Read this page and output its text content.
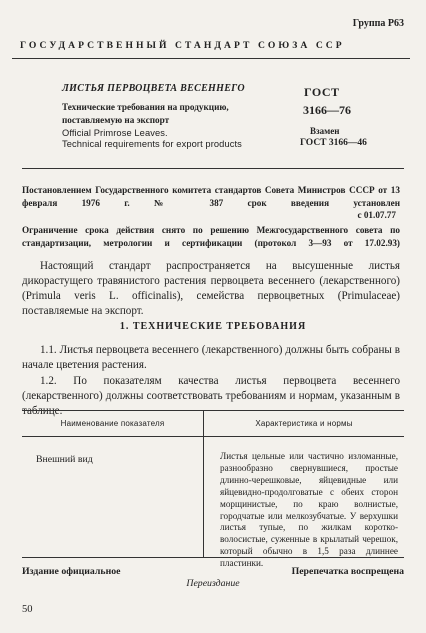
Группа Р63
ГОСУДАРСТВЕННЫЙ СТАНДАРТ СОЮЗА ССР
ЛИСТЬЯ ПЕРВОЦВЕТА ВЕСЕННЕГО
Технические требования на продукцию,
поставляемую на экспорт
Official Primrose Leaves.
Technical requirements for export products
ГОСТ
3166—76
Взамен
ГОСТ 3166—46
Постановлением Государственного комитета стандартов Совета Министров СССР от 13 февраля 1976 г. № 387 срок введения установлен
с 01.07.77
Ограничение срока действия снято по решению Межгосударственного совета по стандартизации, метрологии и сертификации (протокол 3—93 от 17.02.93)
Настоящий стандарт распространяется на высушенные листья дикорастущего травянистого растения первоцвета весеннего (лекарственного) (Primula veris L. officinalis), семейства первоцветных (Primulaceae) поставляемые на экспорт.
1. ТЕХНИЧЕСКИЕ ТРЕБОВАНИЯ
1.1. Листья первоцвета весеннего (лекарственного) должны быть собраны в начале цветения растения.
1.2. По показателям качества листья первоцвета весеннего (лекарственного) должны соответствовать требованиям и нормам, указанным в таблице.
Наименование показателя	Характеристика и нормы
Внешний вид	Листья цельные или частично изломанные, разнообразно свернувшиеся, простые длинно-черешковые, яйцевидные или яйцевидно-продолговатые с обеих сторон морщинистые, по краю волнистые, городчатые или мелкозубчатые. У верхушки листья тупые, по жилкам коротко-волосистые, суженные в крылатый черешок, который обычно в 1,5 раза длиннее пластинки.
Издание официальное	Перепечатка воспрещена
Переиздание
50
